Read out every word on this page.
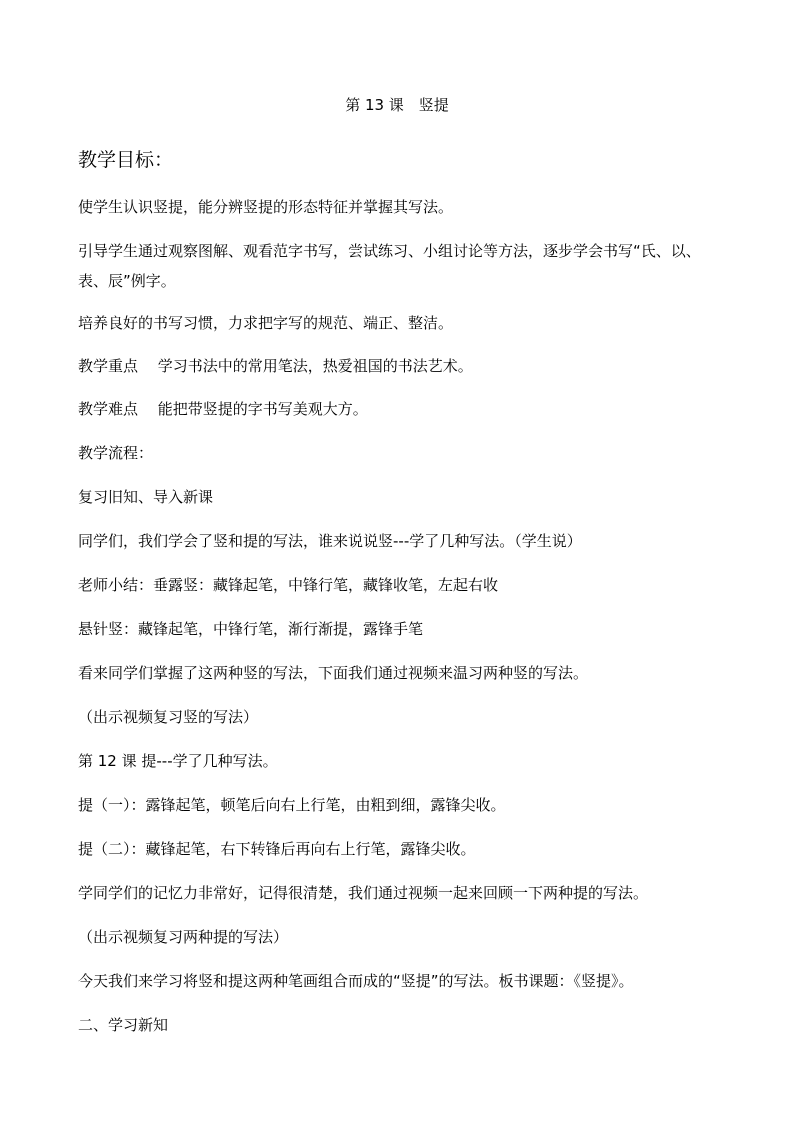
第 13 课　竖提
教学目标：
使学生认识竖提，能分辨竖提的形态特征并掌握其写法。
引导学生通过观察图解、观看范字书写，尝试练习、小组讨论等方法，逐步学会书写“氏、以、表、辰”例字。
培养良好的书写习惯，力求把字写的规范、端正、整洁。
教学重点　 学习书法中的常用笔法，热爱祖国的书法艺术。
教学难点　 能把带竖提的字书写美观大方。
教学流程：
复习旧知、导入新课
同学们，我们学会了竖和提的写法，谁来说说竖---学了几种写法。（学生说）
老师小结：垂露竖：藏锋起笔，中锋行笔，藏锋收笔，左起右收
悬针竖：藏锋起笔，中锋行笔，渐行渐提，露锋手笔
看来同学们掌握了这两种竖的写法，下面我们通过视频来温习两种竖的写法。
（出示视频复习竖的写法）
第 12 课 提---学了几种写法。
提（一）：露锋起笔，顿笔后向右上行笔，由粗到细，露锋尖收。
提（二）：藏锋起笔，右下转锋后再向右上行笔，露锋尖收。
学同学们的记忆力非常好，记得很清楚，我们通过视频一起来回顾一下两种提的写法。
（出示视频复习两种提的写法）
今天我们来学习将竖和提这两种笔画组合而成的“竖提”的写法。板书课题：《竖提》。
二、学习新知
